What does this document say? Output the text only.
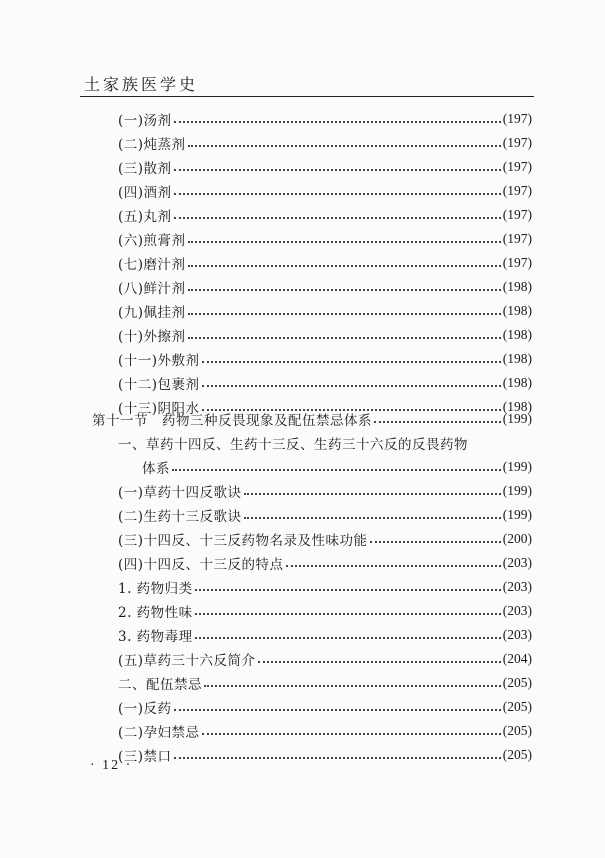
土家族医学史
(一)汤剂	(197)
(二)炖蒸剂	(197)
(三)散剂	(197)
(四)酒剂	(197)
(五)丸剂	(197)
(六)煎膏剂	(197)
(七)磨汁剂	(197)
(八)鲜汁剂	(198)
(九)佩挂剂	(198)
(十)外擦剂	(198)
(十一)外敷剂	(198)
(十二)包裹剂	(198)
(十三)阴阳水	(198)
第十一节　药物三种反畏现象及配伍禁忌体系	(199)
一、草药十四反、生药十三反、生药三十六反的反畏药物
体系	(199)
(一)草药十四反歌诀	(199)
(二)生药十三反歌诀	(199)
(三)十四反、十三反药物名录及性味功能	(200)
(四)十四反、十三反的特点	(203)
1. 药物归类	(203)
2. 药物性味	(203)
3. 药物毒理	(203)
(五)草药三十六反简介	(204)
二、配伍禁忌	(205)
(一)反药	(205)
(二)孕妇禁忌	(205)
(三)禁口	(205)
· 12 ·
